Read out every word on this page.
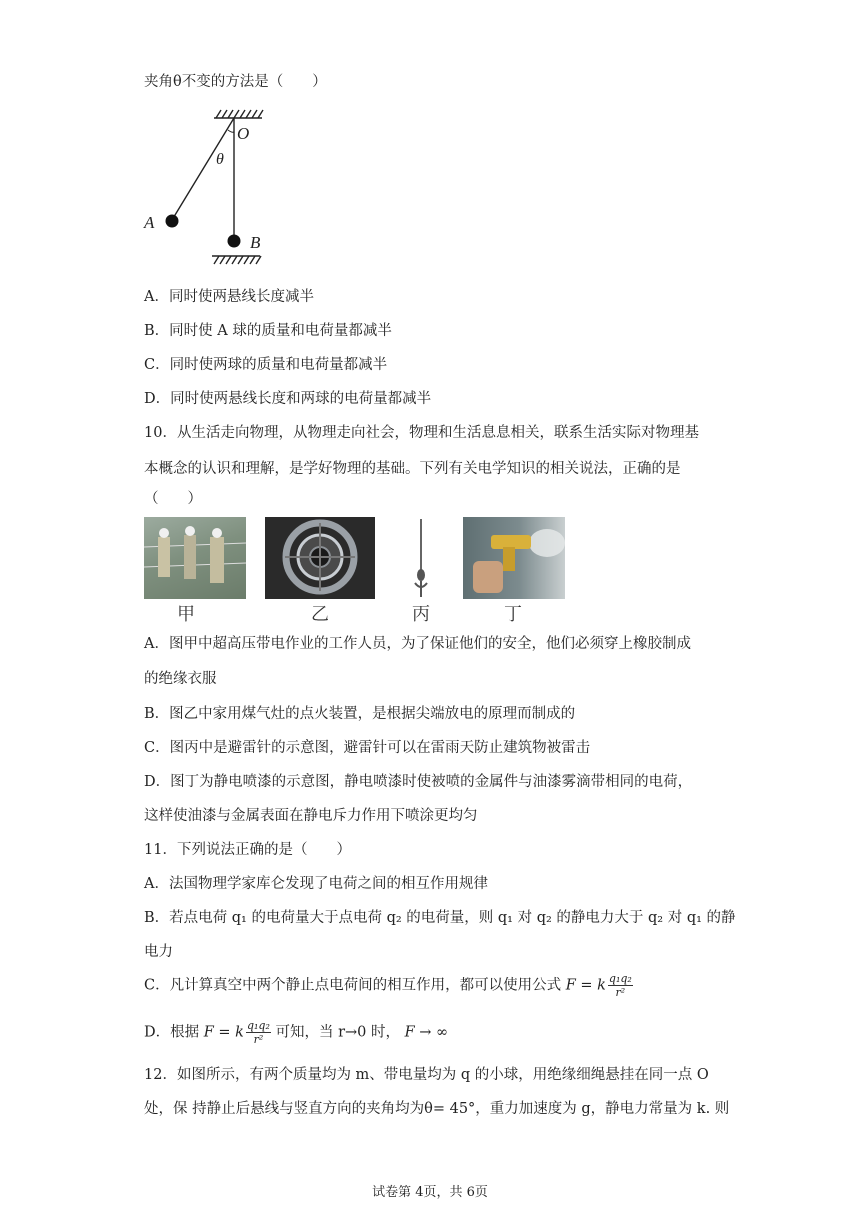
夹角θ不变的方法是（　　）
O
θ
A
B
A．同时使两悬线长度减半
B．同时使 A 球的质量和电荷量都减半
C．同时使两球的质量和电荷量都减半
D．同时使两悬线长度和两球的电荷量都减半
10．从生活走向物理，从物理走向社会，物理和生活息息相关，联系生活实际对物理基
本概念的认识和理解，是学好物理的基础。下列有关电学知识的相关说法，正确的是
（　　）
甲	乙	丙	丁
A．图甲中超高压带电作业的工作人员，为了保证他们的安全，他们必须穿上橡胶制成
的绝缘衣服
B．图乙中家用煤气灶的点火装置，是根据尖端放电的原理而制成的
C．图丙中是避雷针的示意图，避雷针可以在雷雨天防止建筑物被雷击
D．图丁为静电喷漆的示意图，静电喷漆时使被喷的金属件与油漆雾滴带相同的电荷，
这样使油漆与金属表面在静电斥力作用下喷涂更均匀
11．下列说法正确的是（　　）
A．法国物理学家库仑发现了电荷之间的相互作用规律
B．若点电荷 q₁ 的电荷量大于点电荷 q₂ 的电荷量，则 q₁ 对 q₂ 的静电力大于 q₂ 对 q₁ 的静
电力
C．凡计算真空中两个静止点电荷间的相互作用，都可以使用公式 F = k $\frac{\text{q₁q₂}}{\text{r²}}$
D．根据 F = k $\frac{\text{q₁q₂}}{\text{r²}}$ 可知，当 r→0 时， F → ∞
12．如图所示，有两个质量均为 m、带电量均为 q 的小球，用绝缘细绳悬挂在同一点 O
处，保 持静止后悬线与竖直方向的夹角均为θ= 45°，重力加速度为 g，静电力常量为 k. 则
试卷第 4页，共 6页
